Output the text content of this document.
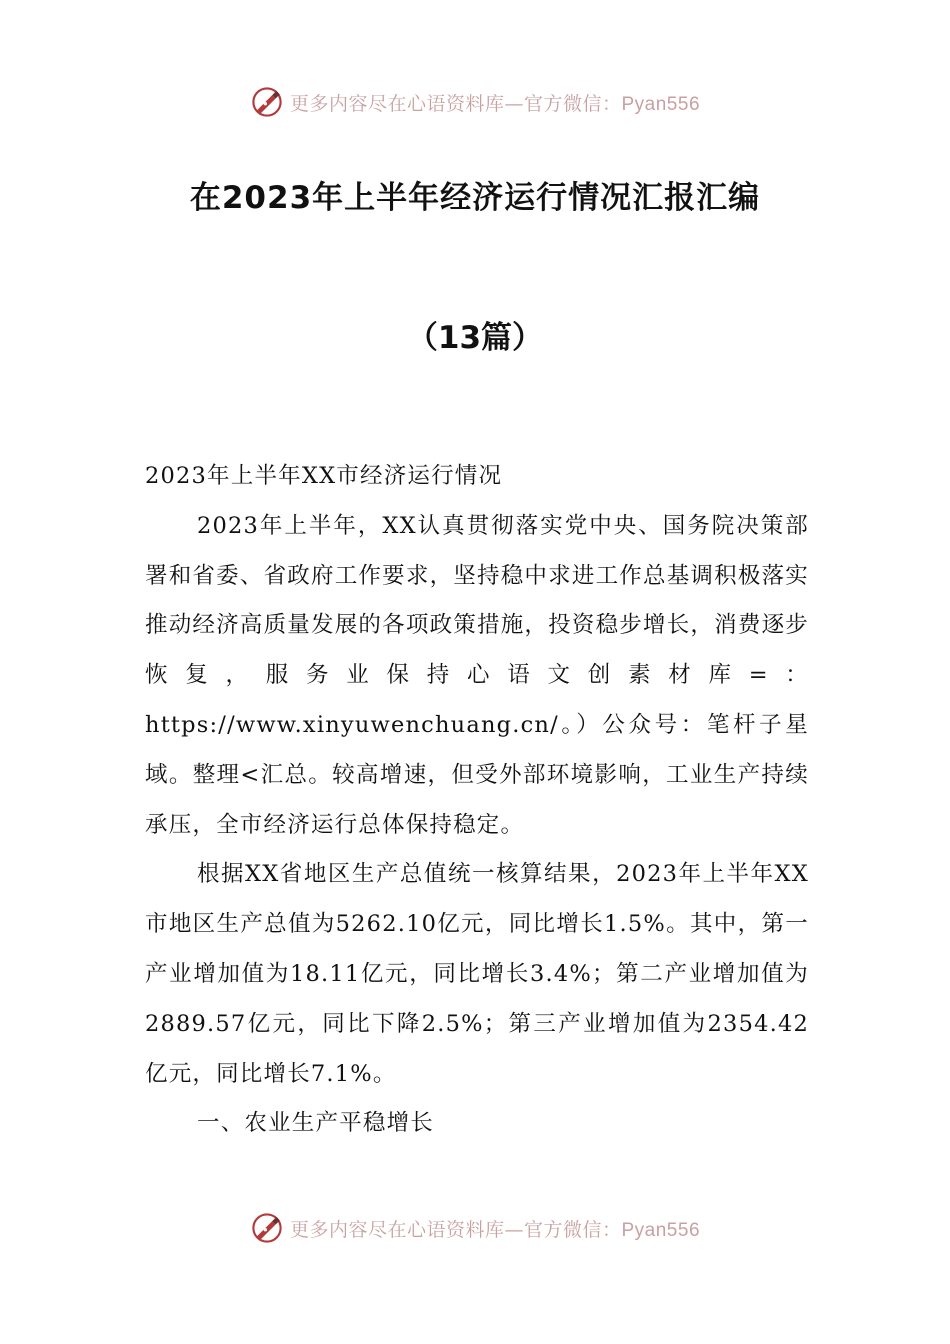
更多内容尽在心语资料库—官方微信：Pyan556
在2023年上半年经济运行情况汇报汇编
（13篇）

2023年上半年XX市经济运行情况

2023年上半年，XX认真贯彻落实党中央、国务院决策部署和省委、省政府工作要求，坚持稳中求进工作总基调积极落实推动经济高质量发展的各项政策措施，投资稳步增长，消费逐步恢复，服务业保持心语文创素材库=：https://www.xinyuwenchuang.cn/。）公众号：笔杆子星域。整理<汇总。较高增速，但受外部环境影响，工业生产持续承压，全市经济运行总体保持稳定。

根据XX省地区生产总值统一核算结果，2023年上半年XX市地区生产总值为5262.10亿元，同比增长1.5%。其中，第一产业增加值为18.11亿元，同比增长3.4%；第二产业增加值为2889.57亿元，同比下降2.5%；第三产业增加值为2354.42亿元，同比增长7.1%。

一、农业生产平稳增长

更多内容尽在心语资料库—官方微信：Pyan556
